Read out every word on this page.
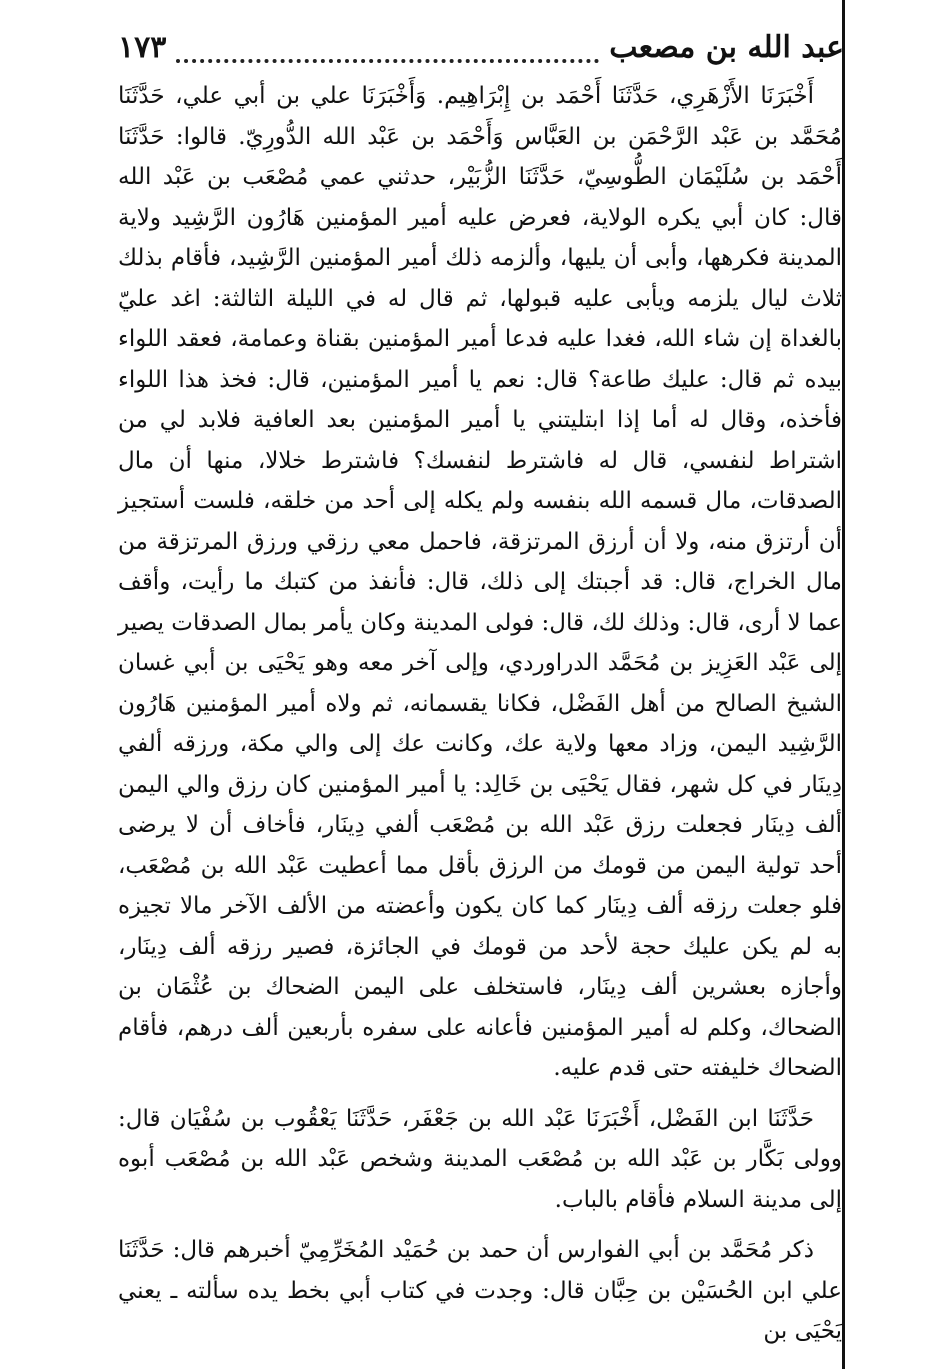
عبد الله بن مصعب
١٧٣

أَخْبَرَنَا الأَزْهَرِي، حَدَّثَنَا أَحْمَد بن إِبْرَاهِيم. وَأَخْبَرَنَا علي بن أبي علي، حَدَّثَنَا مُحَمَّد بن عَبْد الرَّحْمَن بن العَبَّاس وَأَحْمَد بن عَبْد الله الدُّورِيّ. قالوا: حَدَّثَنَا أَحْمَد بن سُلَيْمَان الطُّوسِيّ، حَدَّثَنَا الزُّبَيْر، حدثني عمي مُصْعَب بن عَبْد الله قال: كان أبي يكره الولاية، فعرض عليه أمير المؤمنين هَارُون الرَّشِيد ولاية المدينة فكرهها، وأبى أن يليها، وألزمه ذلك أمير المؤمنين الرَّشِيد، فأقام بذلك ثلاث ليال يلزمه ويأبى عليه قبولها، ثم قال له في الليلة الثالثة: اغد عليّ بالغداة إن شاء الله، فغدا عليه فدعا أمير المؤمنين بقناة وعمامة، فعقد اللواء بيده ثم قال: عليك طاعة؟ قال: نعم يا أمير المؤمنين، قال: فخذ هذا اللواء فأخذه، وقال له أما إذا ابتليتني يا أمير المؤمنين بعد العافية فلابد لي من اشتراط لنفسي، قال له فاشترط لنفسك؟ فاشترط خلالا، منها أن مال الصدقات، مال قسمه الله بنفسه ولم يكله إلى أحد من خلقه، فلست أستجيز أن أرتزق منه، ولا أن أرزق المرتزقة، فاحمل معي رزقي ورزق المرتزقة من مال الخراج، قال: قد أجبتك إلى ذلك، قال: فأنفذ من كتبك ما رأيت، وأقف عما لا أرى، قال: وذلك لك، قال: فولى المدينة وكان يأمر بمال الصدقات يصير إلى عَبْد العَزِيز بن مُحَمَّد الدراوردي، وإلى آخر معه وهو يَحْيَى بن أبي غسان الشيخ الصالح من أهل الفَضْل، فكانا يقسمانه، ثم ولاه أمير المؤمنين هَارُون الرَّشِيد اليمن، وزاد معها ولاية عك، وكانت عك إلى والي مكة، ورزقه ألفي دِينَار في كل شهر، فقال يَحْيَى بن خَالِد: يا أمير المؤمنين كان رزق والي اليمن ألف دِينَار فجعلت رزق عَبْد الله بن مُصْعَب ألفي دِينَار، فأخاف أن لا يرضى أحد تولية اليمن من قومك من الرزق بأقل مما أعطيت عَبْد الله بن مُصْعَب، فلو جعلت رزقه ألف دِينَار كما كان يكون وأعضته من الألف الآخر مالا تجيزه به لم يكن عليك حجة لأحد من قومك في الجائزة، فصير رزقه ألف دِينَار، وأجازه بعشرين ألف دِينَار، فاستخلف على اليمن الضحاك بن عُثْمَان بن الضحاك، وكلم له أمير المؤمنين فأعانه على سفره بأربعين ألف درهم، فأقام الضحاك خليفته حتى قدم عليه.

حَدَّثَنَا ابن الفَضْل، أَخْبَرَنَا عَبْد الله بن جَعْفَر، حَدَّثَنَا يَعْقُوب بن سُفْيَان قال: وولى بَكَّار بن عَبْد الله بن مُصْعَب المدينة وشخص عَبْد الله بن مُصْعَب أبوه إلى مدينة السلام فأقام بالباب.

ذكر مُحَمَّد بن أبي الفوارس أن حمد بن حُمَيْد المُخَرِّمِيّ أخبرهم قال: حَدَّثَنَا علي ابن الحُسَيْن بن حِبَّان قال: وجدت في كتاب أبي بخط يده سألته ـ يعني يَحْيَى بن
